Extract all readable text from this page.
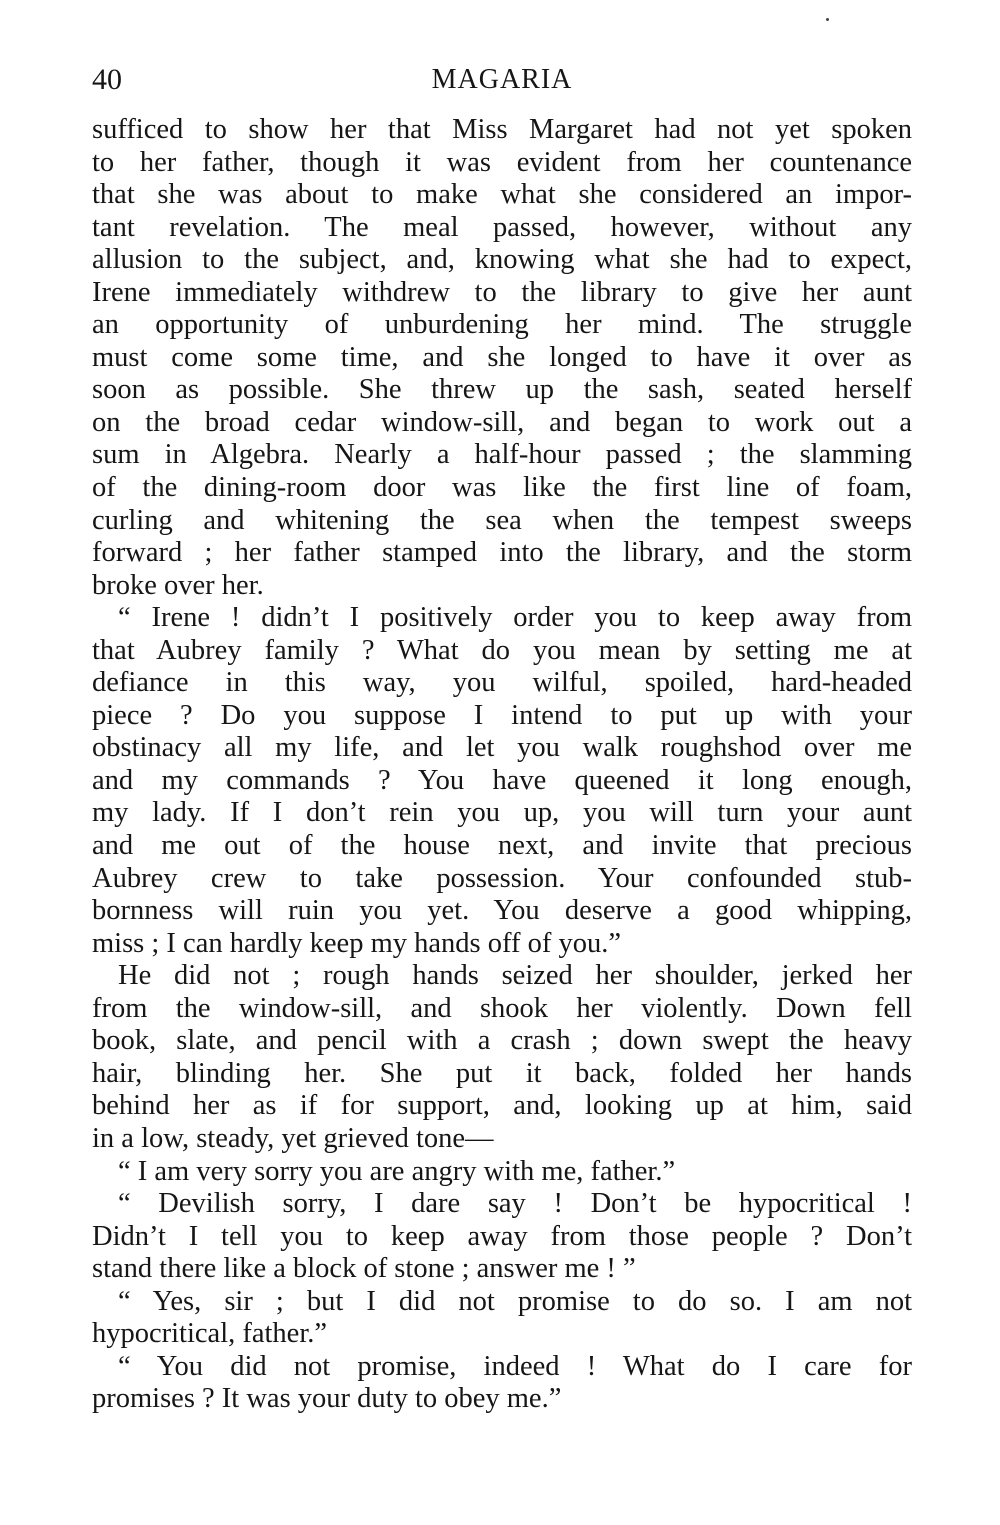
40	MAGARIA
sufficed to show her that Miss Margaret had not yet spoken
to her father, though it was evident from her countenance
that she was about to make what she considered an impor-
tant revelation. The meal passed, however, without any
allusion to the subject, and, knowing what she had to expect,
Irene immediately withdrew to the library to give her aunt
an opportunity of unburdening her mind. The struggle
must come some time, and she longed to have it over as
soon as possible. She threw up the sash, seated herself
on the broad cedar window-sill, and began to work out a
sum in Algebra. Nearly a half-hour passed ; the slamming
of the dining-room door was like the first line of foam,
curling and whitening the sea when the tempest sweeps
forward ; her father stamped into the library, and the storm
broke over her.
“ Irene ! didn’t I positively order you to keep away from
that Aubrey family ? What do you mean by setting me at
defiance in this way, you wilful, spoiled, hard-headed
piece ? Do you suppose I intend to put up with your
obstinacy all my life, and let you walk roughshod over me
and my commands ? You have queened it long enough,
my lady. If I don’t rein you up, you will turn your aunt
and me out of the house next, and invite that precious
Aubrey crew to take possession. Your confounded stub-
bornness will ruin you yet. You deserve a good whipping,
miss ; I can hardly keep my hands off of you.”
He did not ; rough hands seized her shoulder, jerked her
from the window-sill, and shook her violently. Down fell
book, slate, and pencil with a crash ; down swept the heavy
hair, blinding her. She put it back, folded her hands
behind her as if for support, and, looking up at him, said
in a low, steady, yet grieved tone—
“ I am very sorry you are angry with me, father.”
“ Devilish sorry, I dare say ! Don’t be hypocritical !
Didn’t I tell you to keep away from those people ? Don’t
stand there like a block of stone ; answer me ! ”
“ Yes, sir ; but I did not promise to do so. I am not
hypocritical, father.”
“ You did not promise, indeed ! What do I care for
promises ? It was your duty to obey me.”
